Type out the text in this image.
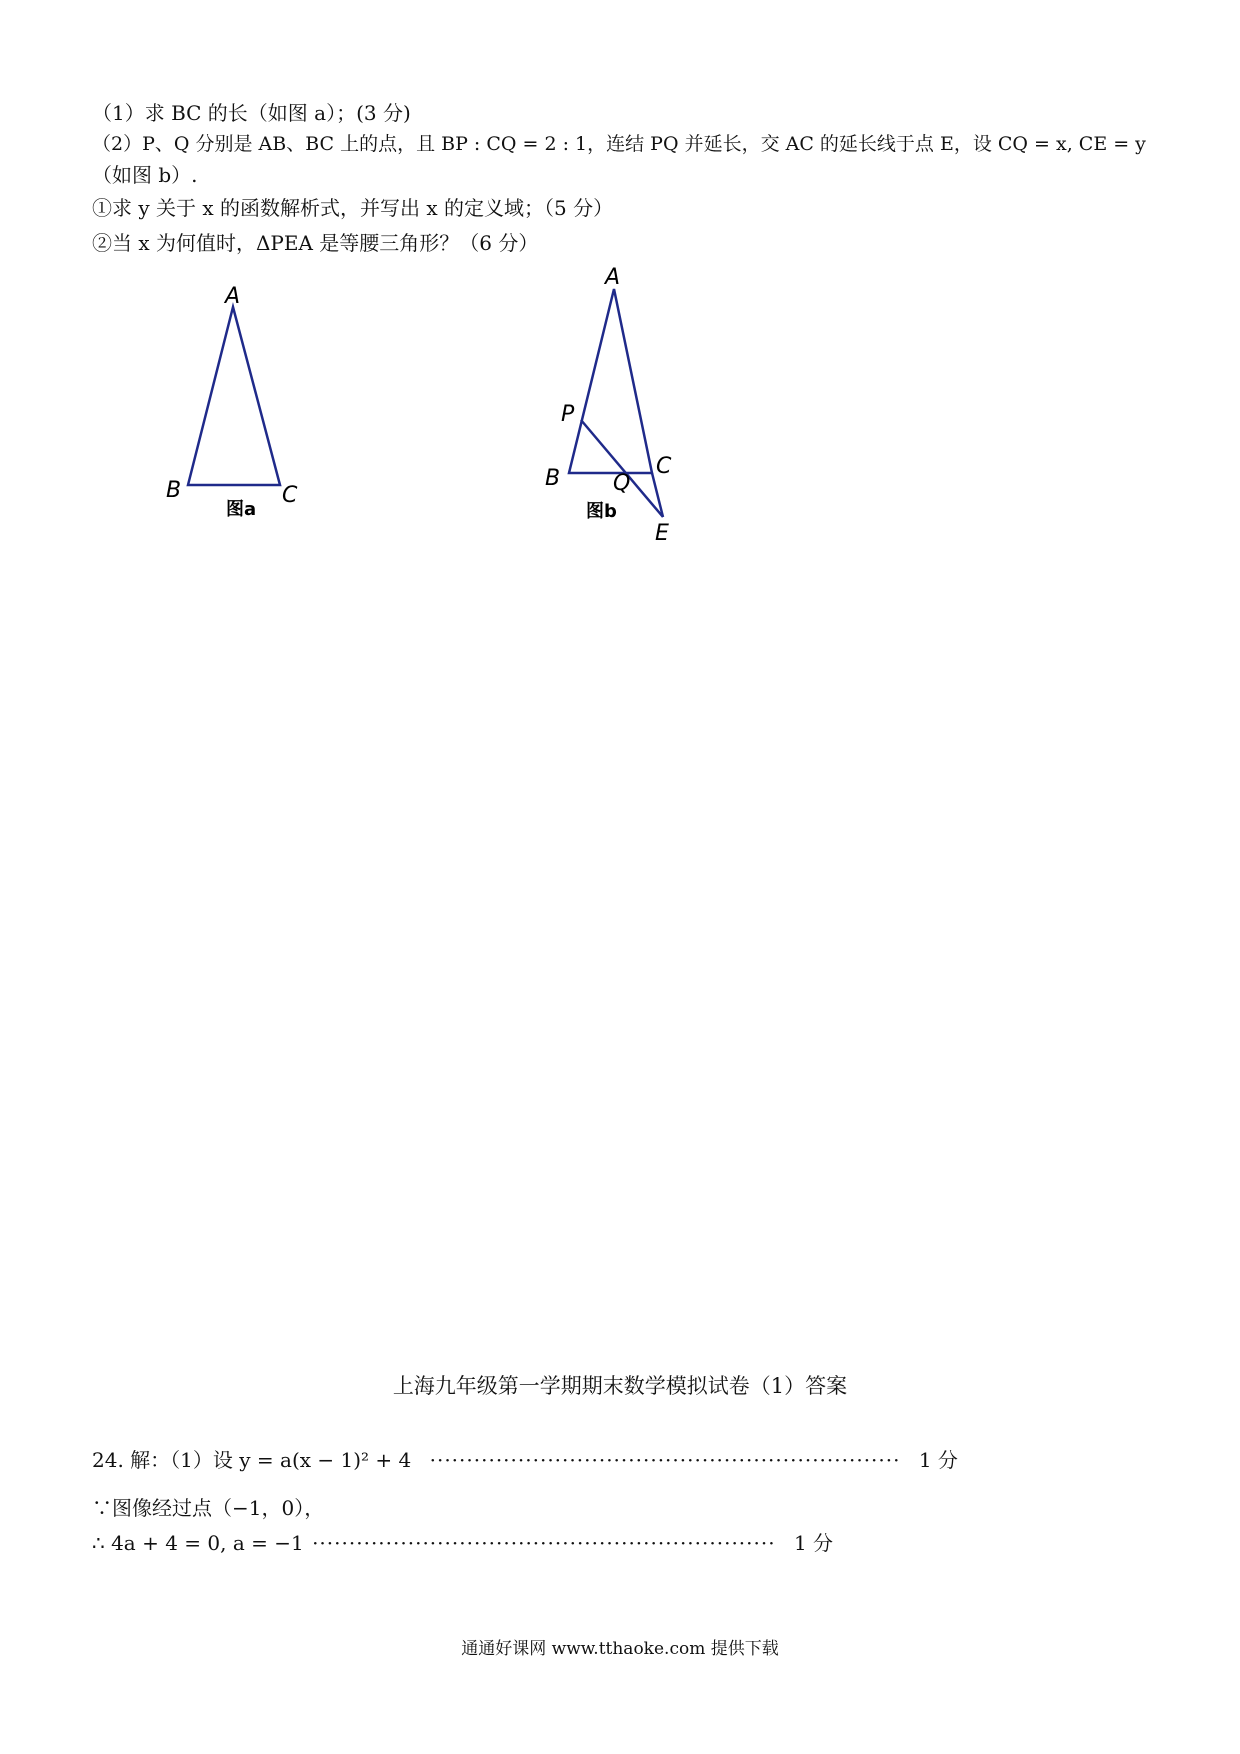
（1）求 BC 的长（如图 a）；(3 分)
（2）P、Q 分别是 AB、BC 上的点，且 BP : CQ = 2 : 1，连结 PQ 并延长，交 AC 的延长线于点 E，设 CQ = x, CE = y
（如图 b）.
①求 y 关于 x 的函数解析式，并写出 x 的定义域；（5 分）
②当 x 为何值时，ΔPEA 是等腰三角形？（6 分）
A
B	C
图a
A
P
B	C
Q
图b
E
上海九年级第一学期期末数学模拟试卷（1）答案
24. 解：（1）设 y = a(x − 1)² + 4 ································································ 1 分
∵图像经过点（−1，0），
∴ 4a + 4 = 0, a = −1 ······························································· 1 分
通通好课网 www.tthaoke.com 提供下载
